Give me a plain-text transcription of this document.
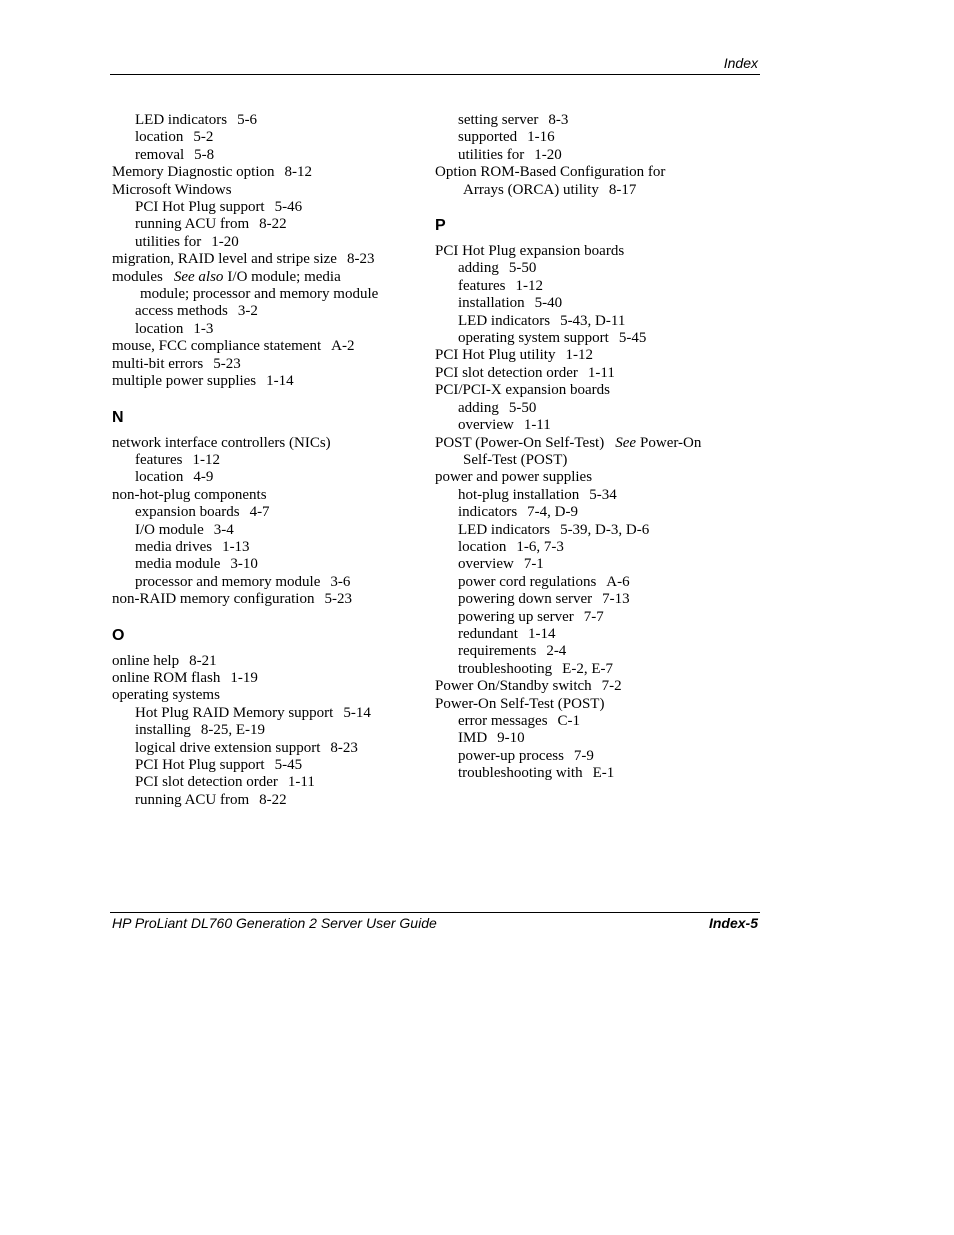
Index
LED indicators 5-6
location 5-2
removal 5-8
Memory Diagnostic option 8-12
Microsoft Windows
PCI Hot Plug support 5-46
running ACU from 8-22
utilities for 1-20
migration, RAID level and stripe size 8-23
modules See also I/O module; media
module; processor and memory module
access methods 3-2
location 1-3
mouse, FCC compliance statement A-2
multi-bit errors 5-23
multiple power supplies 1-14
N
network interface controllers (NICs)
features 1-12
location 4-9
non-hot-plug components
expansion boards 4-7
I/O module 3-4
media drives 1-13
media module 3-10
processor and memory module 3-6
non-RAID memory configuration 5-23
O
online help 8-21
online ROM flash 1-19
operating systems
Hot Plug RAID Memory support 5-14
installing 8-25, E-19
logical drive extension support 8-23
PCI Hot Plug support 5-45
PCI slot detection order 1-11
running ACU from 8-22
setting server 8-3
supported 1-16
utilities for 1-20
Option ROM-Based Configuration for
Arrays (ORCA) utility 8-17
P
PCI Hot Plug expansion boards
adding 5-50
features 1-12
installation 5-40
LED indicators 5-43, D-11
operating system support 5-45
PCI Hot Plug utility 1-12
PCI slot detection order 1-11
PCI/PCI-X expansion boards
adding 5-50
overview 1-11
POST (Power-On Self-Test) See Power-On
Self-Test (POST)
power and power supplies
hot-plug installation 5-34
indicators 7-4, D-9
LED indicators 5-39, D-3, D-6
location 1-6, 7-3
overview 7-1
power cord regulations A-6
powering down server 7-13
powering up server 7-7
redundant 1-14
requirements 2-4
troubleshooting E-2, E-7
Power On/Standby switch 7-2
Power-On Self-Test (POST)
error messages C-1
IMD 9-10
power-up process 7-9
troubleshooting with E-1
HP ProLiant DL760 Generation 2 Server User Guide	Index-5
